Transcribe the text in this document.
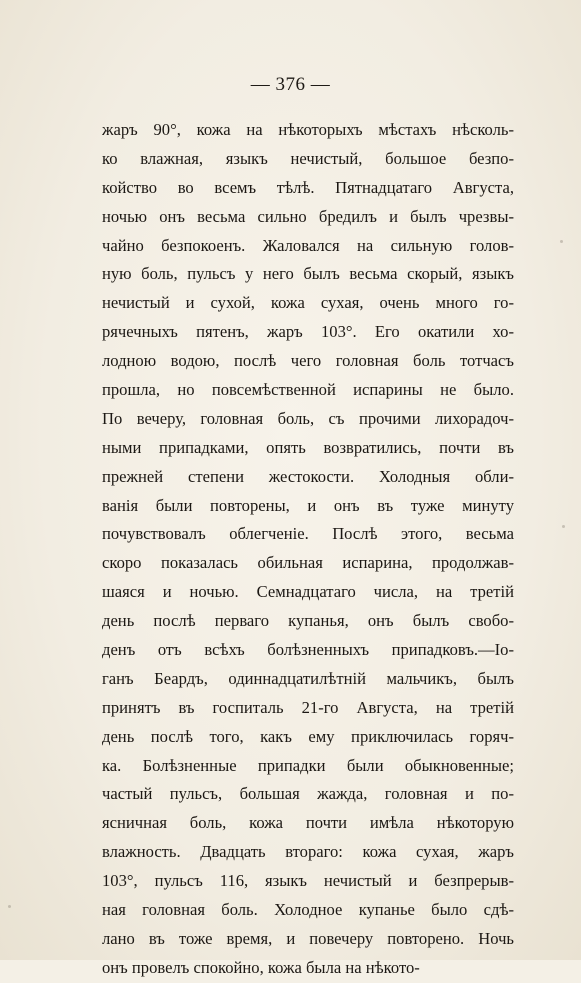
— 376 —
жаръ 90°, кожа на нѣкоторыхъ мѣстахъ нѣсколь-
ко влажная, языкъ нечистый, большое безпо-
койство во всемъ тѣлѣ. Пятнадцатаго Августа,
ночью онъ весьма сильно бредилъ и былъ чрезвы-
чайно безпокоенъ. Жаловался на сильную голов-
ную боль, пульсъ у него былъ весьма скорый, языкъ
нечистый и сухой, кожа сухая, очень много го-
рячечныхъ пятенъ, жаръ 103°. Его окатили хо-
лодною водою, послѣ чего головная боль тотчасъ
прошла, но повсемѣственной испарины не было.
По вечеру, головная боль, съ прочими лихорадоч-
ными припадками, опять возвратились, почти въ
прежней степени жестокости. Холодныя обли-
ванія были повторены, и онъ въ туже минуту
почувствовалъ облегченіе. Послѣ этого, весьма
скоро показалась обильная испарина, продолжав-
шаяся и ночью. Семнадцатаго числа, на третій
день послѣ перваго купанья, онъ былъ свобо-
денъ отъ всѣхъ болѣзненныхъ припадковъ.—Іо-
ганъ Беардъ, одиннадцатилѣтній мальчикъ, былъ
принятъ въ госпиталь 21-го Августа, на третій
день послѣ того, какъ ему приключилась горяч-
ка. Болѣзненные припадки были обыкновенные;
частый пульсъ, большая жажда, головная и по-
ясничная боль, кожа почти имѣла нѣкоторую
влажность. Двадцать втораго: кожа сухая, жаръ
103°, пульсъ 116, языкъ нечистый и безпрерыв-
ная головная боль. Холодное купанье было сдѣ-
лано въ тоже время, и повечеру повторено. Ночь
онъ провелъ спокойно, кожа была на нѣкото-
